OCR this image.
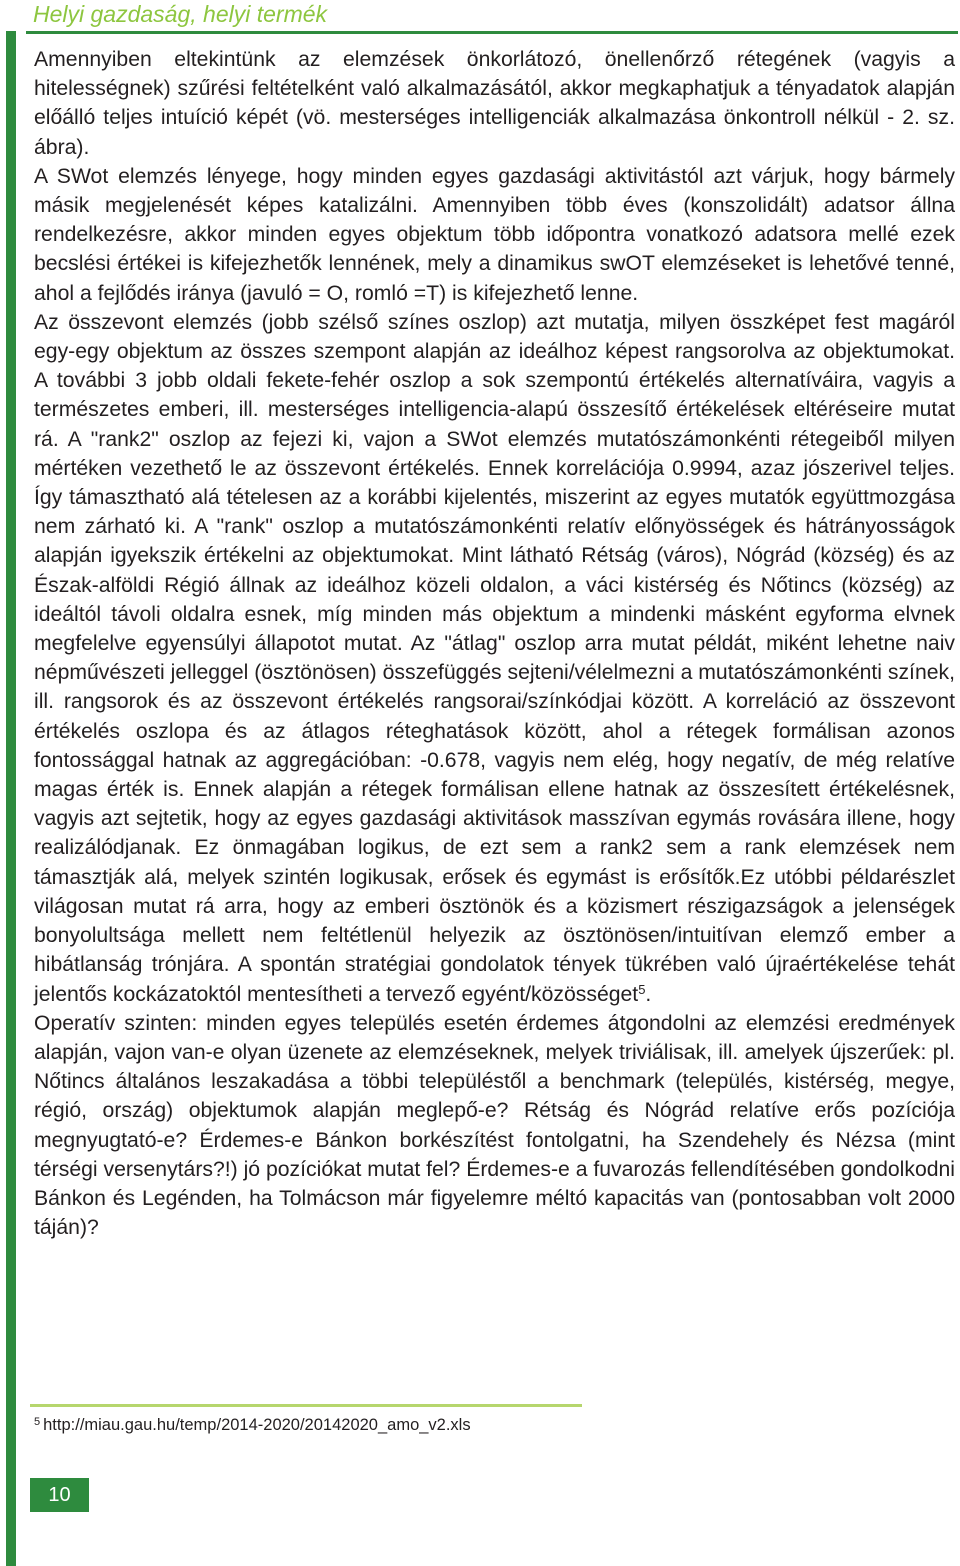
Helyi gazdaság, helyi termék

Amennyiben eltekintünk az elemzések önkorlátozó, önellenőrző rétegének (vagyis a hitelességnek) szűrési feltételként való alkalmazásától, akkor megkaphatjuk a tényadatok alapján előálló teljes intuíció képét (vö. mesterséges intelligenciák alkalmazása önkontroll nélkül - 2. sz. ábra).

A SWot elemzés lényege, hogy minden egyes gazdasági aktivitástól azt várjuk, hogy bármely másik megjelenését képes katalizálni. Amennyiben több éves (konszolidált) adatsor állna rendelkezésre, akkor minden egyes objektum több időpontra vonatkozó adatsora mellé ezek becslési értékei is kifejezhetők lennének, mely a dinamikus swOT elemzéseket is lehetővé tenné, ahol a fejlődés iránya (javuló = O, romló =T) is kifejezhető lenne.

Az összevont elemzés (jobb szélső színes oszlop) azt mutatja, milyen összképet fest magáról egy-egy objektum az összes szempont alapján az ideálhoz képest rangsorolva az objektumokat. A további 3 jobb oldali fekete-fehér oszlop a sok szempontú értékelés alternatíváira, vagyis a természetes emberi, ill. mesterséges intelligencia-alapú összesítő értékelések eltéréseire mutat rá. A "rank2" oszlop az fejezi ki, vajon a SWot elemzés mutatószámonkénti rétegeiből milyen mértéken vezethető le az összevont értékelés. Ennek korrelációja 0.9994, azaz jószerivel teljes. Így támasztható alá tételesen az a korábbi kijelentés, miszerint az egyes mutatók együttmozgása nem zárható ki. A "rank" oszlop a mutatószámonkénti relatív előnyösségek és hátrányosságok alapján igyekszik értékelni az objektumokat. Mint látható Rétság (város), Nógrád (község) és az Észak-alföldi Régió állnak az ideálhoz közeli oldalon, a váci kistérség és Nőtincs (község) az ideáltól távoli oldalra esnek, míg minden más objektum a mindenki másként egyforma elvnek megfelelve egyensúlyi állapotot mutat. Az "átlag" oszlop arra mutat példát, miként lehetne naiv népművészeti jelleggel (ösztönösen) összefüggés sejteni/vélelmezni a mutatószámonkénti színek, ill. rangsorok és az összevont értékelés rangsorai/színkódjai között. A korreláció az összevont értékelés oszlopa és az átlagos réteghatások között, ahol a rétegek formálisan azonos fontossággal hatnak az aggregációban: -0.678, vagyis nem elég, hogy negatív, de még relatíve magas érték is. Ennek alapján a rétegek formálisan ellene hatnak az összesített értékelésnek, vagyis azt sejtetik, hogy az egyes gazdasági aktivitások masszívan egymás rovására illene, hogy realizálódjanak. Ez önmagában logikus, de ezt sem a rank2 sem a rank elemzések nem támasztják alá, melyek szintén logikusak, erősek és egymást is erősítők.Ez utóbbi példarészlet világosan mutat rá arra, hogy az emberi ösztönök és a közismert részigazságok a jelenségek bonyolultsága mellett nem feltétlenül helyezik az ösztönösen/intuitívan elemző ember a hibátlanság trónjára. A spontán stratégiai gondolatok tények tükrében való újraértékelése tehát jelentős kockázatoktól mentesítheti a tervező egyént/közösséget$^5$.

Operatív szinten: minden egyes település esetén érdemes átgondolni az elemzési eredmények alapján, vajon van-e olyan üzenete az elemzéseknek, melyek triviálisak, ill. amelyek újszerűek: pl. Nőtincs általános leszakadása a többi településtől a benchmark (település, kistérség, megye, régió, ország) objektumok alapján meglepő-e? Rétság és Nógrád relatíve erős pozíciója megnyugtató-e? Érdemes-e Bánkon borkészítést fontolgatni, ha Szendehely és Nézsa (mint térségi versenytárs?!) jó pozíciókat mutat fel? Érdemes-e a fuvarozás fellendítésében gondolkodni Bánkon és Legénden, ha Tolmácson már figyelemre méltó kapacitás van (pontosabban volt 2000 táján)?

$^5$ http://miau.gau.hu/temp/2014-2020/20142020_amo_v2.xls
10
